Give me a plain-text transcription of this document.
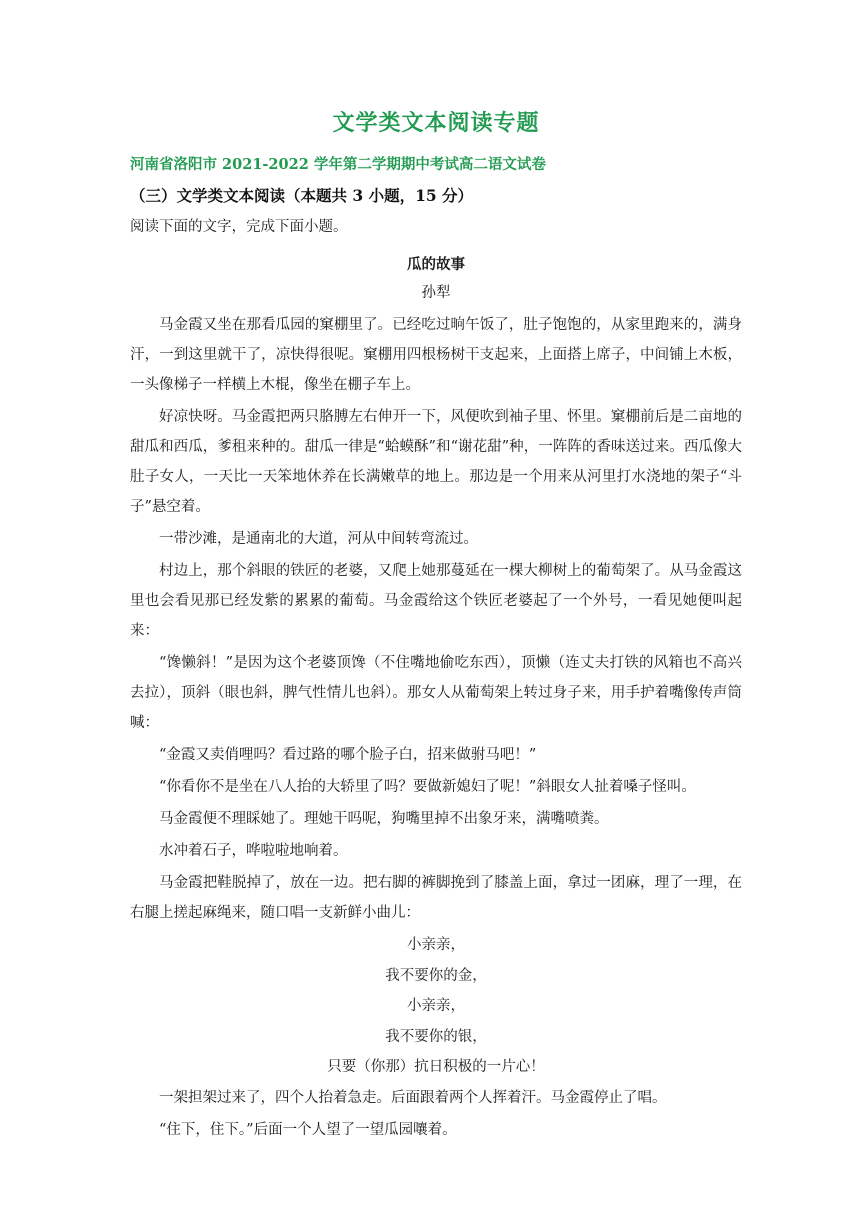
文学类文本阅读专题
河南省洛阳市 2021-2022 学年第二学期期中考试高二语文试卷
（三）文学类文本阅读（本题共 3 小题，15 分）
阅读下面的文字，完成下面小题。
瓜的故事
孙犁

马金霞又坐在那看瓜园的窠棚里了。已经吃过晌午饭了，肚子饱饱的，从家里跑来的，满身汗，一到这里就干了，凉快得很呢。窠棚用四根杨树干支起来，上面搭上席子，中间铺上木板，一头像梯子一样横上木棍，像坐在棚子车上。

好凉快呀。马金霞把两只胳膊左右伸开一下，风便吹到袖子里、怀里。窠棚前后是二亩地的甜瓜和西瓜，爹租来种的。甜瓜一律是“蛤蟆酥”和“谢花甜”种，一阵阵的香味送过来。西瓜像大肚子女人，一天比一天笨地休养在长满嫩草的地上。那边是一个用来从河里打水浇地的架子“斗子”悬空着。

一带沙滩，是通南北的大道，河从中间转弯流过。

村边上，那个斜眼的铁匠的老婆，又爬上她那蔓延在一棵大柳树上的葡萄架了。从马金霞这里也会看见那已经发紫的累累的葡萄。马金霞给这个铁匠老婆起了一个外号，一看见她便叫起来：

“馋懒斜！”是因为这个老婆顶馋（不住嘴地偷吃东西），顶懒（连丈夫打铁的风箱也不高兴去拉），顶斜（眼也斜，脾气性情儿也斜）。那女人从葡萄架上转过身子来，用手护着嘴像传声筒喊：

“金霞又卖俏哩吗？看过路的哪个脸子白，招来做驸马吧！”

“你看你不是坐在八人抬的大轿里了吗？要做新媳妇了呢！”斜眼女人扯着嗓子怪叫。

马金霞便不理睬她了。理她干吗呢，狗嘴里掉不出象牙来，满嘴喷粪。

水冲着石子，哗啦啦地响着。

马金霞把鞋脱掉了，放在一边。把右脚的裤脚挽到了膝盖上面，拿过一团麻，理了一理，在右腿上搓起麻绳来，随口唱一支新鲜小曲儿：

小亲亲，

我不要你的金，

小亲亲，

我不要你的银，

只要（你那）抗日积极的一片心！

一架担架过来了，四个人抬着急走。后面跟着两个人挥着汗。马金霞停止了唱。

“住下，住下。”后面一个人望了一望瓜园嚷着。
